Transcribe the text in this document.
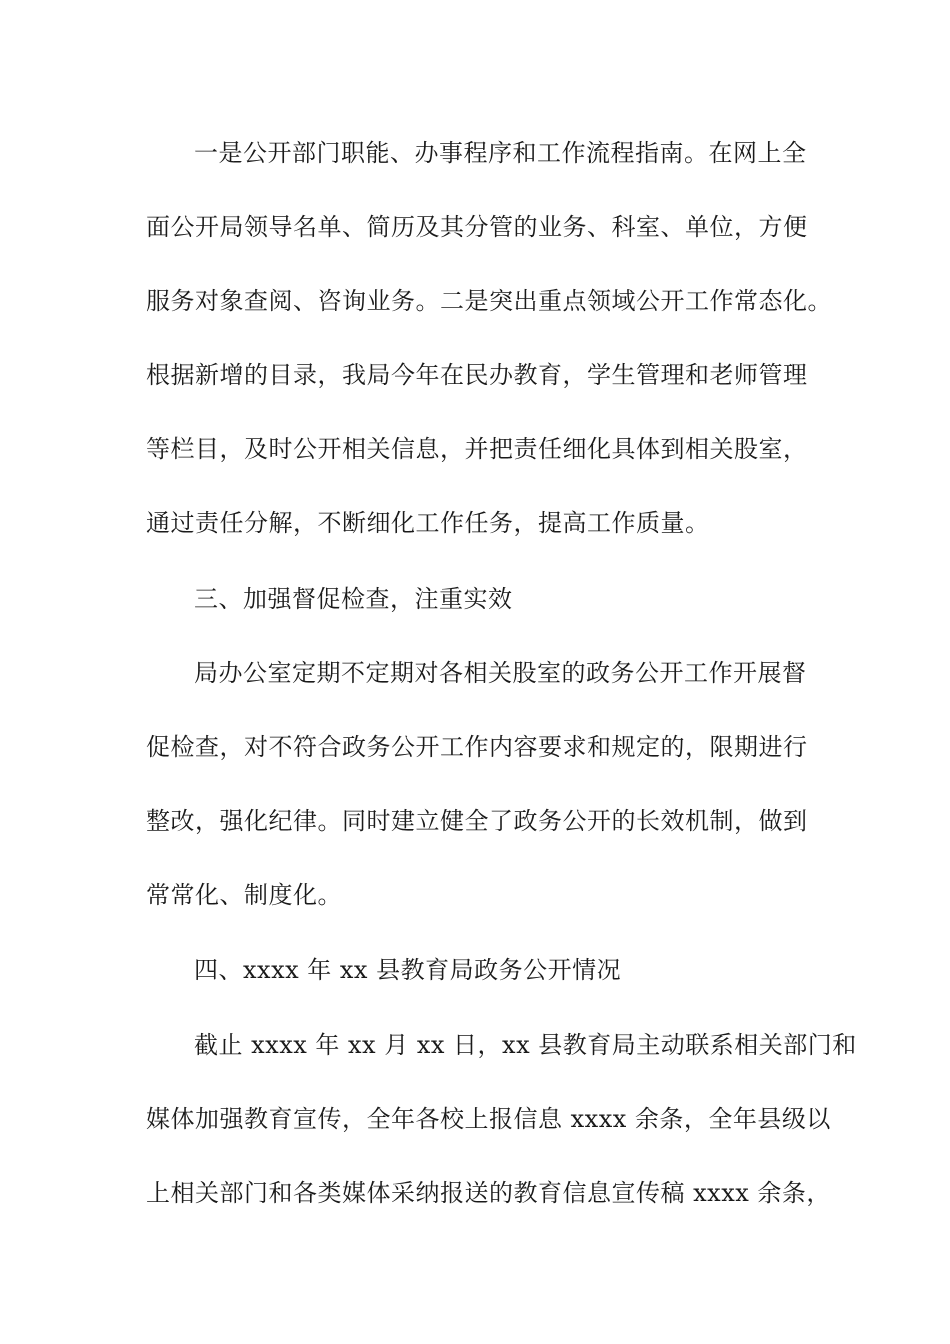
一是公开部门职能、办事程序和工作流程指南。在网上全
面公开局领导名单、简历及其分管的业务、科室、单位，方便
服务对象查阅、咨询业务。二是突出重点领域公开工作常态化。
根据新增的目录，我局今年在民办教育，学生管理和老师管理
等栏目，及时公开相关信息，并把责任细化具体到相关股室，
通过责任分解，不断细化工作任务，提高工作质量。
三、加强督促检查，注重实效
局办公室定期不定期对各相关股室的政务公开工作开展督
促检查，对不符合政务公开工作内容要求和规定的，限期进行
整改，强化纪律。同时建立健全了政务公开的长效机制，做到
常常化、制度化。
四、xxxx 年 xx 县教育局政务公开情况
截止 xxxx 年 xx 月 xx 日，xx 县教育局主动联系相关部门和
媒体加强教育宣传，全年各校上报信息 xxxx 余条，全年县级以
上相关部门和各类媒体采纳报送的教育信息宣传稿 xxxx 余条，
